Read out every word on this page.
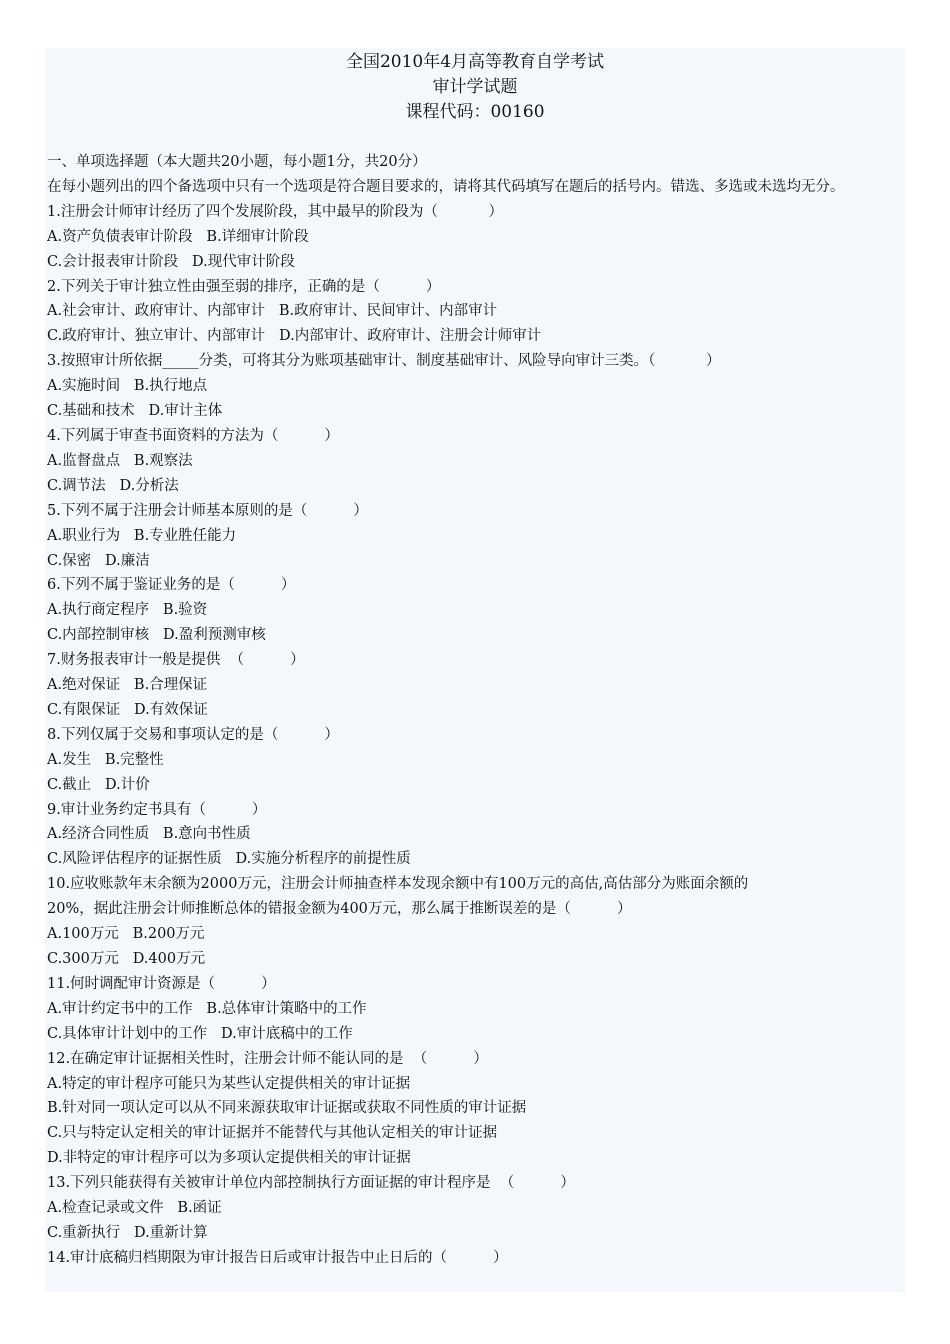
全国2010年4月高等教育自学考试
审计学试题
课程代码：00160
一、单项选择题（本大题共20小题，每小题1分，共20分）
在每小题列出的四个备选项中只有一个选项是符合题目要求的，请将其代码填写在题后的括号内。错选、多选或未选均无分。
1.注册会计师审计经历了四个发展阶段，其中最早的阶段为（           ）
A.资产负债表审计阶段   B.详细审计阶段
C.会计报表审计阶段   D.现代审计阶段
2.下列关于审计独立性由强至弱的排序，正确的是（          ）
A.社会审计、政府审计、内部审计   B.政府审计、民间审计、内部审计
C.政府审计、独立审计、内部审计   D.内部审计、政府审计、注册会计师审计
3.按照审计所依据_____分类，可将其分为账项基础审计、制度基础审计、风险导向审计三类。（           ）
A.实施时间   B.执行地点
C.基础和技术   D.审计主体
4.下列属于审查书面资料的方法为（          ）
A.监督盘点   B.观察法
C.调节法   D.分析法
5.下列不属于注册会计师基本原则的是（          ）
A.职业行为   B.专业胜任能力
C.保密   D.廉洁
6.下列不属于鉴证业务的是（          ）
A.执行商定程序   B.验资
C.内部控制审核   D.盈利预测审核
7.财务报表审计一般是提供  （          ）
A.绝对保证   B.合理保证
C.有限保证   D.有效保证
8.下列仅属于交易和事项认定的是（          ）
A.发生   B.完整性
C.截止   D.计价
9.审计业务约定书具有（          ）
A.经济合同性质   B.意向书性质
C.风险评估程序的证据性质   D.实施分析程序的前提性质
10.应收账款年末余额为2000万元，注册会计师抽查样本发现余额中有100万元的高估,高估部分为账面余额的
20%，据此注册会计师推断总体的错报金额为400万元，那么属于推断误差的是（          ）
A.100万元   B.200万元
C.300万元   D.400万元
11.何时调配审计资源是（          ）
A.审计约定书中的工作   B.总体审计策略中的工作
C.具体审计计划中的工作   D.审计底稿中的工作
12.在确定审计证据相关性时，注册会计师不能认同的是  （          ）
A.特定的审计程序可能只为某些认定提供相关的审计证据
B.针对同一项认定可以从不同来源获取审计证据或获取不同性质的审计证据
C.只与特定认定相关的审计证据并不能替代与其他认定相关的审计证据
D.非特定的审计程序可以为多项认定提供相关的审计证据
13.下列只能获得有关被审计单位内部控制执行方面证据的审计程序是  （          ）
A.检查记录或文件   B.函证
C.重新执行   D.重新计算
14.审计底稿归档期限为审计报告日后或审计报告中止日后的（          ）
